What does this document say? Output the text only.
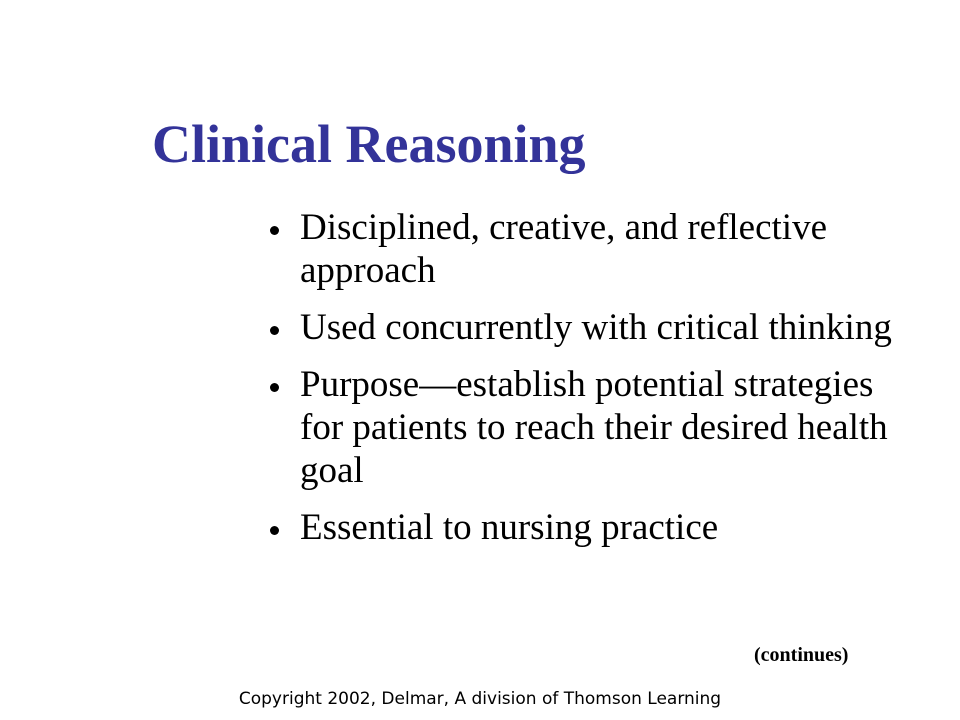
Clinical Reasoning
Disciplined, creative, and reflective approach
Used concurrently with critical thinking
Purpose—establish potential strategies for patients to reach their desired health goal
Essential to nursing practice
(continues)
Copyright 2002, Delmar, A division of Thomson Learning
